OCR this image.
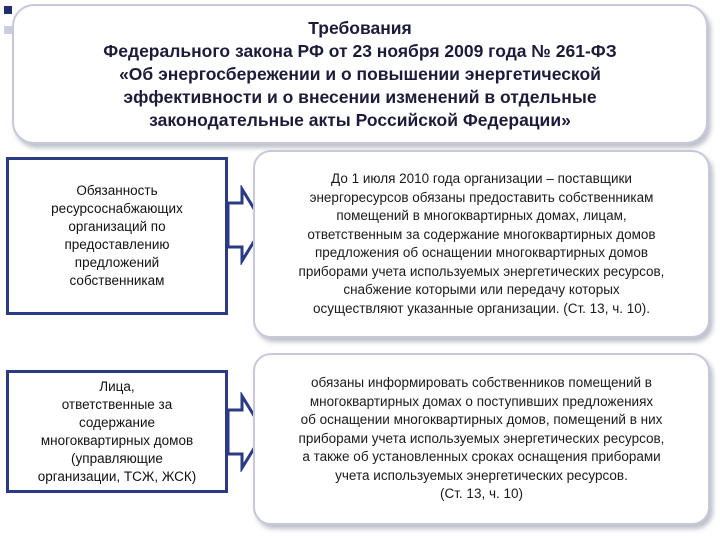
Требования
Федерального закона РФ от 23 ноября 2009 года № 261-ФЗ
«Об энергосбережении и о повышении энергетической
эффективности и о внесении изменений в отдельные
законодательные акты Российской Федерации»
Обязанность
ресурсоснабжающих
организаций по
предоставлению
предложений
собственникам
До 1 июля 2010 года организации – поставщики
энергоресурсов обязаны предоставить собственникам
помещений в многоквартирных домах, лицам,
ответственным за содержание многоквартирных домов
предложения об оснащении многоквартирных домов
приборами учета используемых энергетических ресурсов,
снабжение которыми или передачу которых
осуществляют указанные организации. (Ст. 13, ч. 10).
Лица,
ответственные за
содержание
многоквартирных домов
(управляющие
организации, ТСЖ, ЖСК)
обязаны информировать собственников помещений в
многоквартирных домах о поступивших предложениях
об оснащении многоквартирных домов, помещений в них
приборами учета используемых энергетических ресурсов,
а также об установленных сроках оснащения приборами
учета используемых энергетических ресурсов.
(Ст. 13, ч. 10)
